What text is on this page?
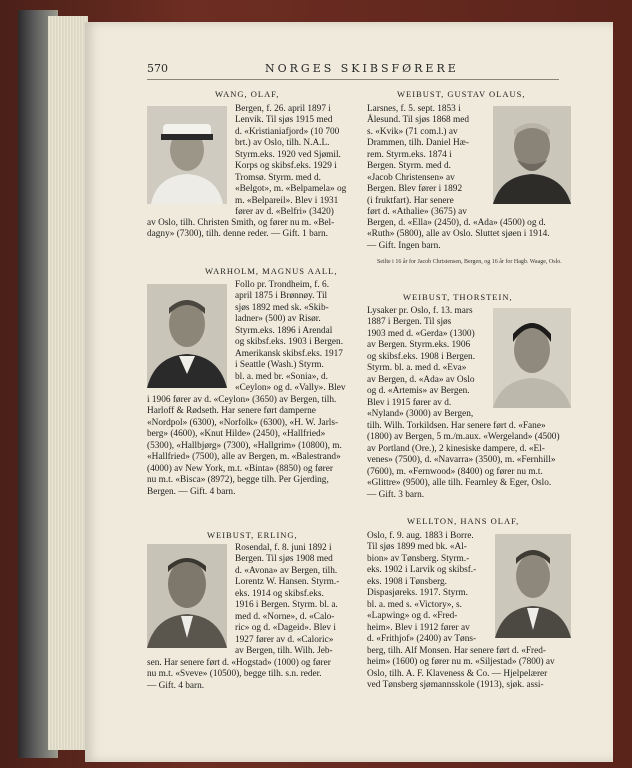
570	NORGES SKIBSFØRERE
WANG, OLAF,
Bergen, f. 26. april 1897 i
Lenvik. Til sjøs 1915 med
d. «Kristianiafjord» (10 700
brt.) av Oslo, tilh. N.A.L.
Styrm.eks. 1920 ved Sjømil.
Korps og skibsf.eks. 1929 i
Tromsø. Styrm. med d.
«Belgot», m. «Belpamela» og
m. «Belpareil». Blev i 1931
fører av d. «Belfri» (3420)
av Oslo, tilh. Christen Smith, og fører nu m. «Bel-
dagny» (7300), tilh. denne reder. — Gift. 1 barn.
WARHOLM, MAGNUS AALL,
Follo pr. Trondheim, f. 6.
april 1875 i Brønnøy. Til
sjøs 1892 med sk. «Skib-
ladner» (500) av Risør.
Styrm.eks. 1896 i Arendal
og skibsf.eks. 1903 i Bergen.
Amerikansk skibsf.eks. 1917
i Seattle (Wash.) Styrm.
bl. a. med br. «Sonia», d.
«Ceylon» og d. «Vally». Blev
i 1906 fører av d. «Ceylon» (3650) av Bergen, tilh.
Harloff & Rødseth. Har senere ført damperne
«Nordpol» (6300), «Norfolk» (6300), «H. W. Jarls-
berg» (4600), «Knut Hilde» (2450), «Hallfried»
(5300), «Hallbjørg» (7300), «Hallgrim» (10800), m.
«Hallfried» (7500), alle av Bergen, m. «Balestrand»
(4000) av New York, m.t. «Binta» (8850) og fører
nu m.t. «Bisca» (8972), begge tilh. Per Gjerding,
Bergen. — Gift. 4 barn.
WEIBUST, ERLING,
Rosendal, f. 8. juni 1892 i
Bergen. Til sjøs 1908 med
d. «Avona» av Bergen, tilh.
Lorentz W. Hansen. Styrm.-
eks. 1914 og skibsf.eks.
1916 i Bergen. Styrm. bl. a.
med d. «Norne», d. «Calo-
ric» og d. «Dageid». Blev i
1927 fører av d. «Caloric»
av Bergen, tilh. Wilh. Jeb-
sen. Har senere ført d. «Hogstad» (1000) og fører
nu m.t. «Sveve» (10500), begge tilh. s.n. reder.
— Gift. 4 barn.
WEIBUST, GUSTAV OLAUS,
Larsnes, f. 5. sept. 1853 i
Ålesund. Til sjøs 1868 med
s. «Kvik» (71 com.l.) av
Drammen, tilh. Daniel Hæ-
rem. Styrm.eks. 1874 i
Bergen. Styrm. med d.
«Jacob Christensen» av
Bergen. Blev fører i 1892
(i fruktfart). Har senere
ført d. «Athalie» (3675) av
Bergen, d. «Ella» (2450), d. «Ada» (4500) og d.
«Ruth» (5800), alle av Oslo. Sluttet sjøen i 1914.
— Gift. Ingen barn.
Seilte i 16 år for Jacob Christensen, Bergen, og 16 år for Hagb. Waage, Oslo.
WEIBUST, THORSTEIN,
Lysaker pr. Oslo, f. 13. mars
1887 i Bergen. Til sjøs
1903 med d. «Gerda» (1300)
av Bergen. Styrm.eks. 1906
og skibsf.eks. 1908 i Bergen.
Styrm. bl. a. med d. «Eva»
av Bergen, d. «Ada» av Oslo
og d. «Artemis» av Bergen.
Blev i 1915 fører av d.
«Nyland» (3000) av Bergen,
tilh. Wilh. Torkildsen. Har senere ført d. «Fane»
(1800) av Bergen, 5 m./m.aux. «Wergeland» (4500)
av Portland (Ore.), 2 kinesiske dampere, d. «El-
venes» (7500), d. «Navarra» (3500), m. «Fernhill»
(7600), m. «Fernwood» (8400) og fører nu m.t.
«Glittre» (9500), alle tilh. Fearnley & Eger, Oslo.
— Gift. 3 barn.
WELLTON, HANS OLAF,
Oslo, f. 9. aug. 1883 i Borre.
Til sjøs 1899 med bk. «Al-
bion» av Tønsberg. Styrm.-
eks. 1902 i Larvik og skibsf.-
eks. 1908 i Tønsberg.
Dispasjøreks. 1917. Styrm.
bl. a. med s. «Victory», s.
«Lapwing» og d. «Fred-
heim». Blev i 1912 fører av
d. «Frithjof» (2400) av Tøns-
berg, tilh. Alf Monsen. Har senere ført d. «Fred-
heim» (1600) og fører nu m. «Siljestad» (7800) av
Oslo, tilh. A. F. Klaveness & Co. — Hjelpelærer
ved Tønsberg sjømannsskole (1913), sjøk. assi-
